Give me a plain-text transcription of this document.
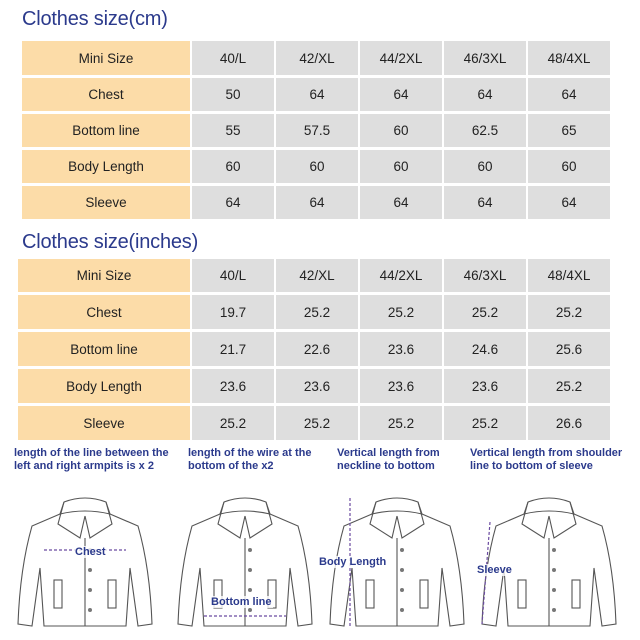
Clothes size(cm)
Mini Size	40/L	42/XL	44/2XL	46/3XL	48/4XL
Chest	50	64	64	64	64
Bottom line	55	57.5	60	62.5	65
Body Length	60	60	60	60	60
Sleeve	64	64	64	64	64
Clothes size(inches)
Mini Size	40/L	42/XL	44/2XL	46/3XL	48/4XL
Chest	19.7	25.2	25.2	25.2	25.2
Bottom line	21.7	22.6	23.6	24.6	25.6
Body Length	23.6	23.6	23.6	23.6	25.2
Sleeve	25.2	25.2	25.2	25.2	26.6

length of the line between the left and right armpits is x 2

length of the wire at the bottom of the x2

Vertical length from neckline to bottom

Vertical length from shoulder line to bottom of sleeve

Chest
Bottom line
Body Length
Sleeve
